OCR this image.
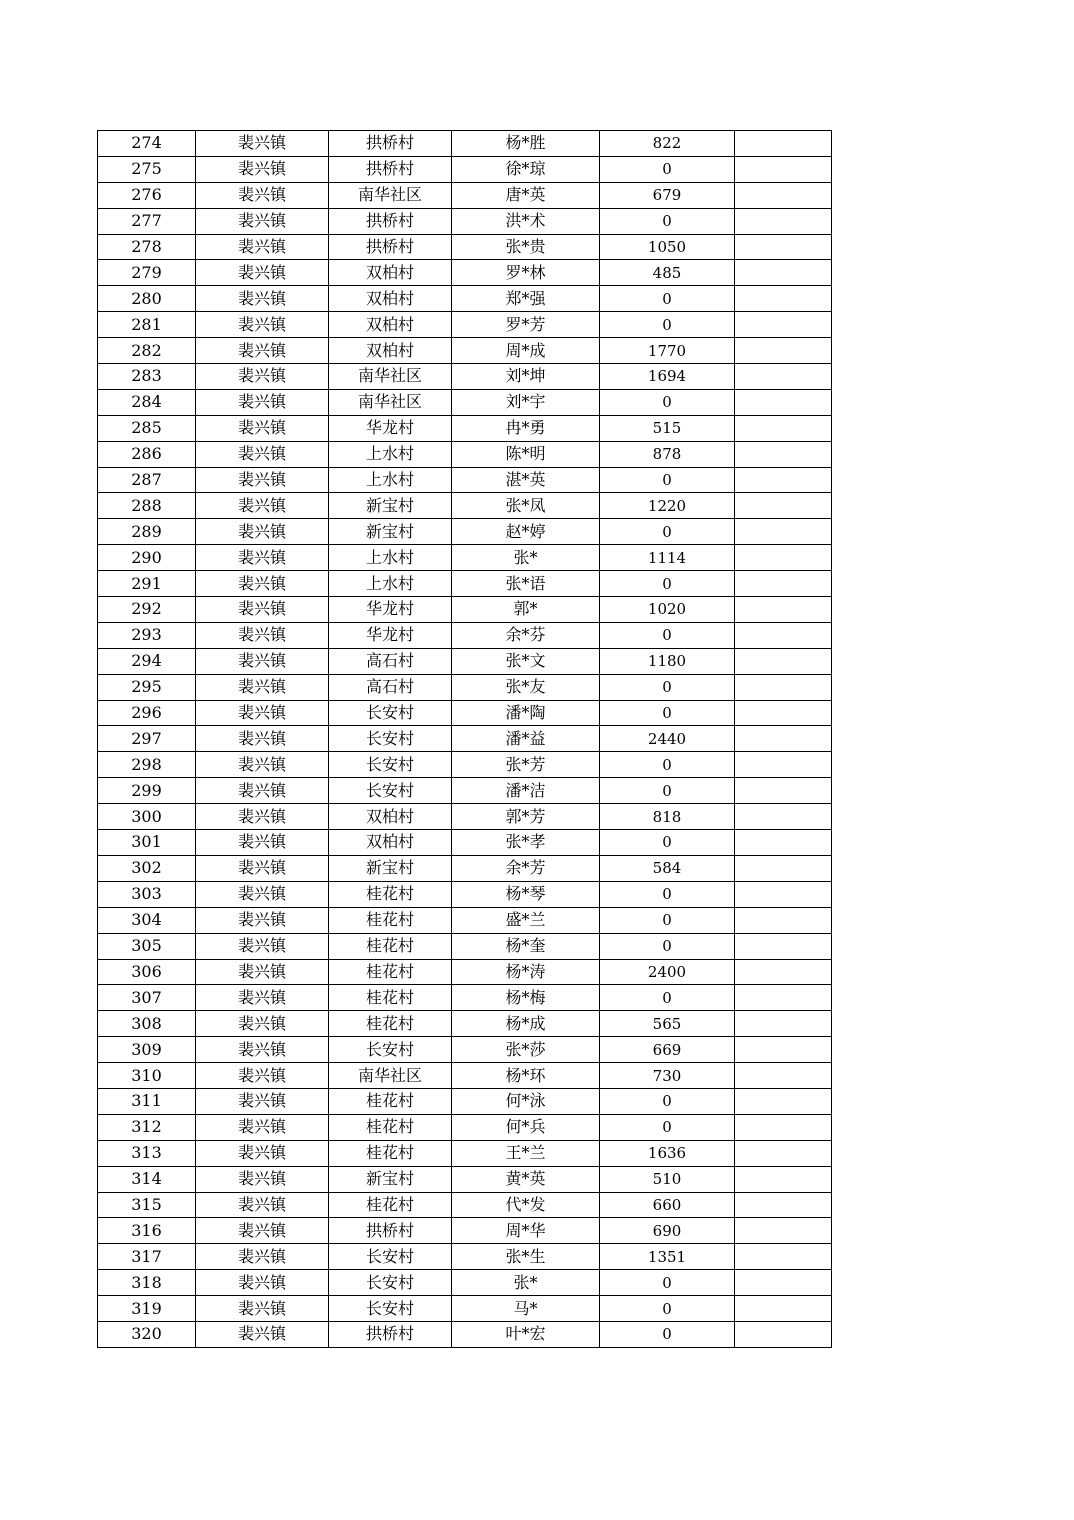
274	裴兴镇	拱桥村	杨*胜	822	
275	裴兴镇	拱桥村	徐*琼	0	
276	裴兴镇	南华社区	唐*英	679	
277	裴兴镇	拱桥村	洪*术	0	
278	裴兴镇	拱桥村	张*贵	1050	
279	裴兴镇	双柏村	罗*林	485	
280	裴兴镇	双柏村	郑*强	0	
281	裴兴镇	双柏村	罗*芳	0	
282	裴兴镇	双柏村	周*成	1770	
283	裴兴镇	南华社区	刘*坤	1694	
284	裴兴镇	南华社区	刘*宇	0	
285	裴兴镇	华龙村	冉*勇	515	
286	裴兴镇	上水村	陈*明	878	
287	裴兴镇	上水村	湛*英	0	
288	裴兴镇	新宝村	张*凤	1220	
289	裴兴镇	新宝村	赵*婷	0	
290	裴兴镇	上水村	张*	1114	
291	裴兴镇	上水村	张*语	0	
292	裴兴镇	华龙村	郭*	1020	
293	裴兴镇	华龙村	余*芬	0	
294	裴兴镇	高石村	张*文	1180	
295	裴兴镇	高石村	张*友	0	
296	裴兴镇	长安村	潘*陶	0	
297	裴兴镇	长安村	潘*益	2440	
298	裴兴镇	长安村	张*芳	0	
299	裴兴镇	长安村	潘*洁	0	
300	裴兴镇	双柏村	郭*芳	818	
301	裴兴镇	双柏村	张*孝	0	
302	裴兴镇	新宝村	余*芳	584	
303	裴兴镇	桂花村	杨*琴	0	
304	裴兴镇	桂花村	盛*兰	0	
305	裴兴镇	桂花村	杨*奎	0	
306	裴兴镇	桂花村	杨*涛	2400	
307	裴兴镇	桂花村	杨*梅	0	
308	裴兴镇	桂花村	杨*成	565	
309	裴兴镇	长安村	张*莎	669	
310	裴兴镇	南华社区	杨*环	730	
311	裴兴镇	桂花村	何*泳	0	
312	裴兴镇	桂花村	何*兵	0	
313	裴兴镇	桂花村	王*兰	1636	
314	裴兴镇	新宝村	黄*英	510	
315	裴兴镇	桂花村	代*发	660	
316	裴兴镇	拱桥村	周*华	690	
317	裴兴镇	长安村	张*生	1351	
318	裴兴镇	长安村	张*	0	
319	裴兴镇	长安村	马*	0	
320	裴兴镇	拱桥村	叶*宏	0	
